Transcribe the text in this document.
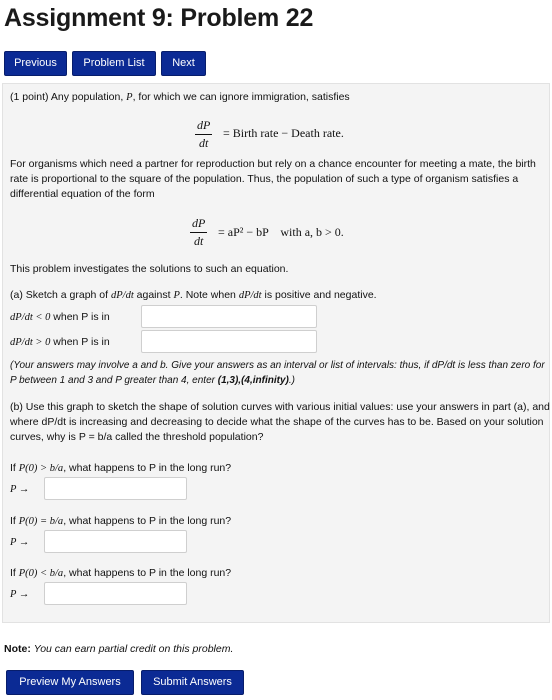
Assignment 9: Problem 22
Previous	Problem List	Next
(1 point) Any population, P, for which we can ignore immigration, satisfies
$\frac{dP}{dt}$ = Birth rate − Death rate.
For organisms which need a partner for reproduction but rely on a chance encounter for meeting a mate, the birth rate is proportional to the square of the population. Thus, the population of such a type of organism satisfies a differential equation of the form
$\frac{dP}{dt} = aP^2$ − bP    with a, b > 0.
This problem investigates the solutions to such an equation.
(a) Sketch a graph of dP/dt against P. Note when dP/dt is positive and negative.
dP/dt < 0 when P is in
dP/dt > 0 when P is in
(Your answers may involve a and b. Give your answers as an interval or list of intervals: thus, if dP/dt is less than zero for P between 1 and 3 and P greater than 4, enter (1,3),(4,infinity).)
(b) Use this graph to sketch the shape of solution curves with various initial values: use your answers in part (a), and where dP/dt is increasing and decreasing to decide what the shape of the curves has to be. Based on your solution curves, why is P = b/a called the threshold population?
If P(0) > b/a, what happens to P in the long run?
P →
If P(0) = b/a, what happens to P in the long run?
P →
If P(0) < b/a, what happens to P in the long run?
P →
Note: You can earn partial credit on this problem.
Preview My Answers	Submit Answers
